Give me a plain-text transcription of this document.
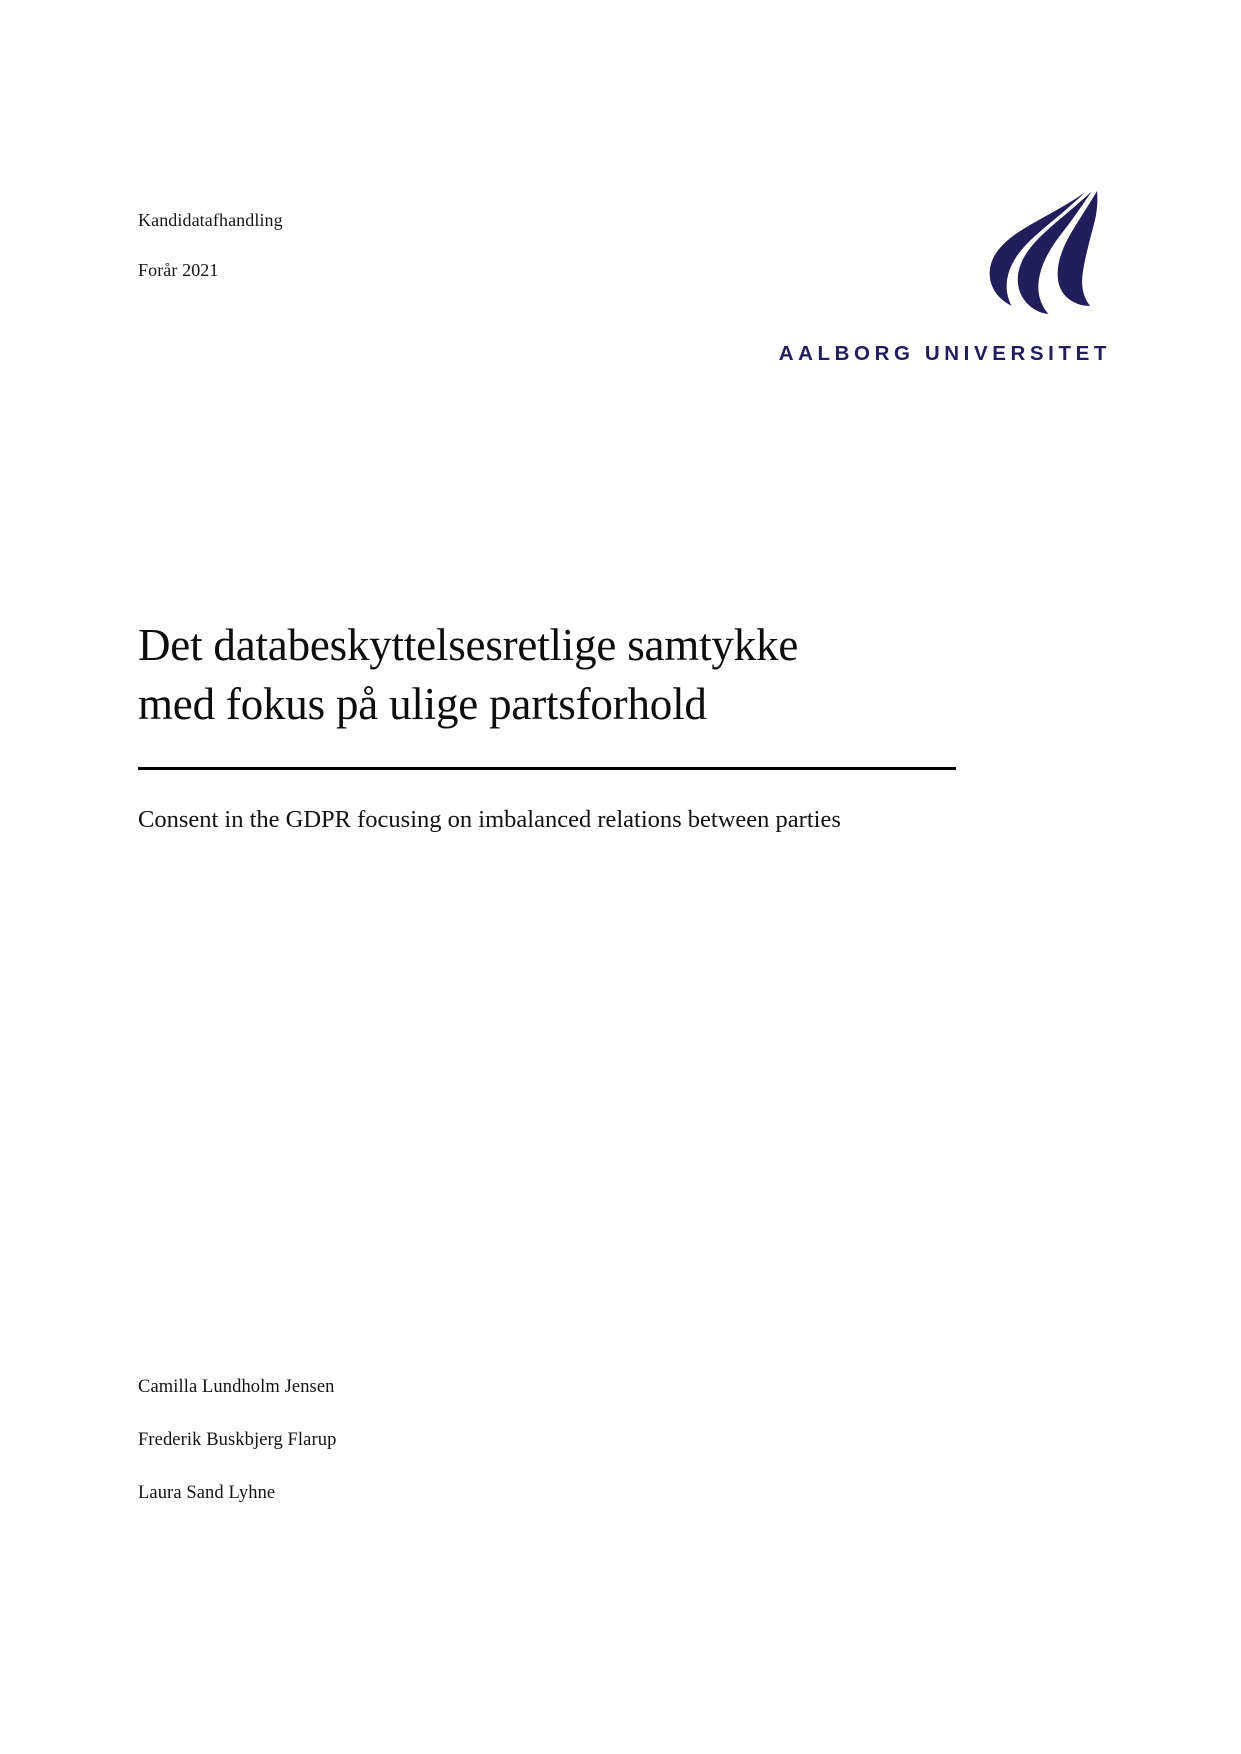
Kandidatafhandling
Forår 2021
AALBORG UNIVERSITET
Det databeskyttelsesretlige samtykke
med fokus på ulige partsforhold
Consent in the GDPR focusing on imbalanced relations between parties
Camilla Lundholm Jensen
Frederik Buskbjerg Flarup
Laura Sand Lyhne
